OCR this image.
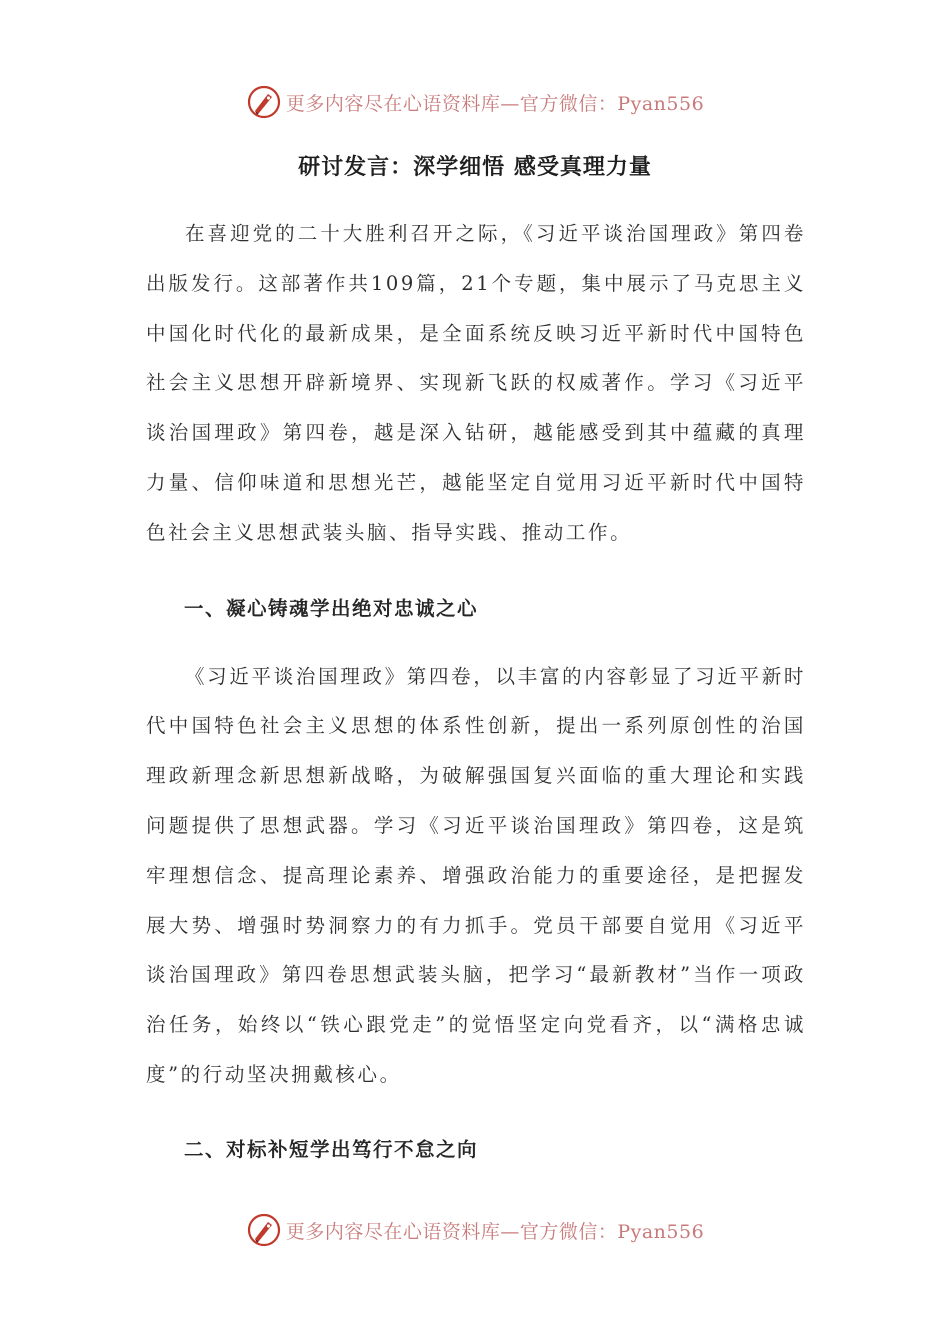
更多内容尽在心语资料库—官方微信：Pyan556
研讨发言：深学细悟 感受真理力量

在喜迎党的二十大胜利召开之际，《习近平谈治国理政》第四卷出版发行。这部著作共109篇，21个专题，集中展示了马克思主义中国化时代化的最新成果，是全面系统反映习近平新时代中国特色社会主义思想开辟新境界、实现新飞跃的权威著作。学习《习近平谈治国理政》第四卷，越是深入钻研，越能感受到其中蕴藏的真理力量、信仰味道和思想光芒，越能坚定自觉用习近平新时代中国特色社会主义思想武装头脑、指导实践、推动工作。

一、凝心铸魂学出绝对忠诚之心

《习近平谈治国理政》第四卷，以丰富的内容彰显了习近平新时代中国特色社会主义思想的体系性创新，提出一系列原创性的治国理政新理念新思想新战略，为破解强国复兴面临的重大理论和实践问题提供了思想武器。学习《习近平谈治国理政》第四卷，这是筑牢理想信念、提高理论素养、增强政治能力的重要途径，是把握发展大势、增强时势洞察力的有力抓手。党员干部要自觉用《习近平谈治国理政》第四卷思想武装头脑，把学习“最新教材”当作一项政治任务，始终以“铁心跟党走”的觉悟坚定向党看齐，以“满格忠诚度”的行动坚决拥戴核心。

二、对标补短学出笃行不怠之向
更多内容尽在心语资料库—官方微信：Pyan556
